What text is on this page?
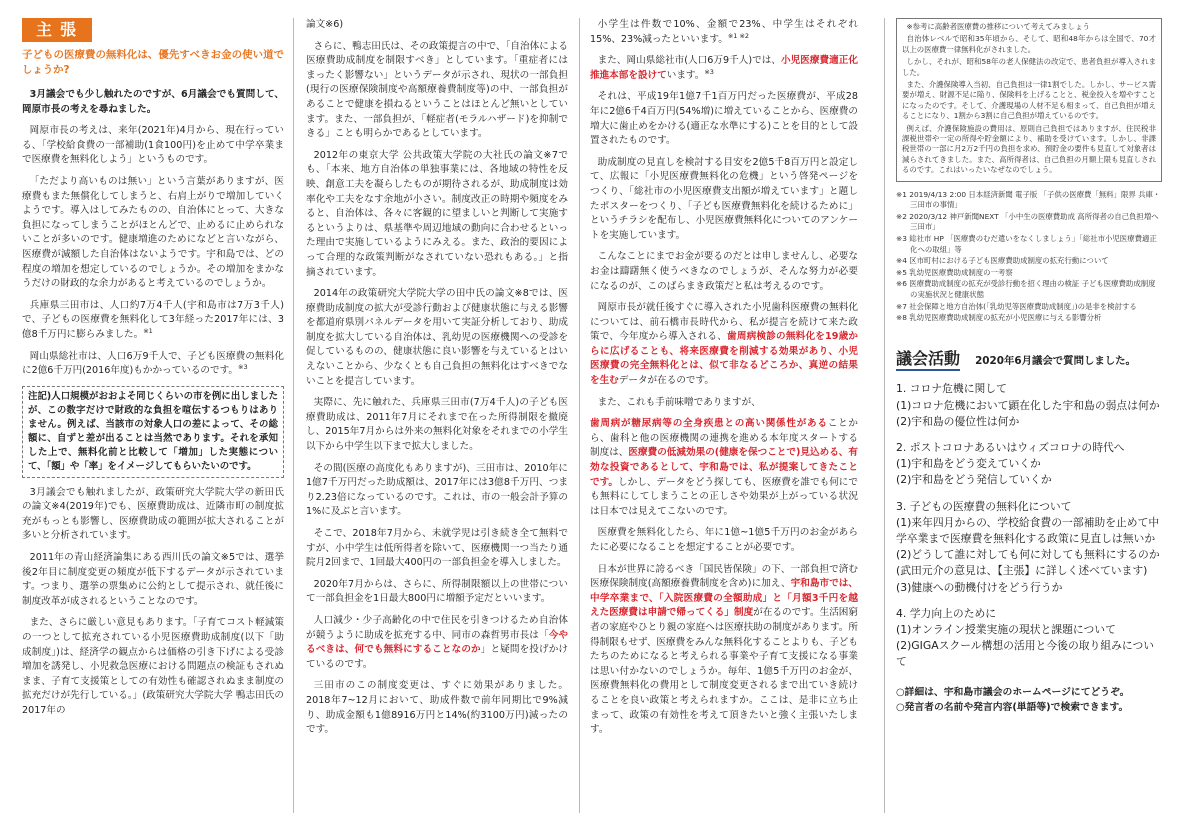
主張

子どもの医療費の無料化は、優先すべきお金の使い道でしょうか?

3月議会でも少し触れたのですが、6月議会でも質問して、岡原市長の考えを尋ねました。

岡原市長の考えは、来年(2021年)4月から、現在行っている、「学校給食費の一部補助(1食100円)を止めて中学卒業まで医療費を無料化しよう」というものです。

「ただより高いものは無い」という言葉がありますが、医療費もまた無償化してしまうと、右肩上がりで増加していくようです。導入はしてみたものの、自治体にとって、大きな負担になってしまうことがほとんどで、止めるに止められないことが多いのです。健康増進のためになどと言いながら、医療費が減額した自治体はないようです。宇和島では、どの程度の増加を想定しているのでしょうか。その増加をまかなうだけの財政的な余力があると考えているのでしょうか。

兵庫県三田市は、人口約7万4千人(宇和島市は7万3千人)で、子どもの医療費を無料化して3年経った2017年には、3億8千万円に膨らみました。$^{※1}$

岡山県総社市は、人口6万9千人で、子ども医療費の無料化に2億6千万円(2016年度)もかかっているのです。$^{※3}$

注記)人口規模がおおよそ同じくらいの市を例に出しましたが、この数字だけで財政的な負担を喧伝するつもりはありません。例えば、当該市の対象人口の差によって、その総額に、自ずと差が出ることは当然であります。それを承知した上で、無料化前と比較して「増加」した実態について、「額」や「率」をイメージしてもらいたいのです。

3月議会でも触れましたが、政策研究大学院大学の新田氏の論文※4(2019年)でも、医療費助成は、近隣市町の制度拡充がもっとも影響し、医療費助成の範囲が拡大されることが多いと分析されています。

2011年の青山経済論集にある西川氏の論文※5では、選挙後2年目に制度変更の頻度が低下するデータが示されています。つまり、選挙の票集めに公約として提示され、就任後に制度改革が成されるということなのです。

また、さらに厳しい意見もあります。「子育てコスト軽減策の一つとして拡充されている小児医療費助成制度(以下「助成制度」)は、経済学の観点からは価格の引き下げによる受診増加を誘発し、小児救急医療における問題点の検証もされぬまま、子育て支援策としての有効性も確認されぬまま制度の拡充だけが先行している。」(政策研究大学院大学 鴨志田氏の2017年の

論文※6)

さらに、鴨志田氏は、その政策提言の中で、「自治体による医療費助成制度を制限すべき」としています。「重症者にはまったく影響ない」というデータが示され、現状の一部負担(現行の医療保険制度や高額療養費制度等)の中、一部負担があることで健康を損ねるということはほとんど無いとしています。また、一部負担が、「軽症者(モラルハザード)を抑制できる」ことも明らかであるとしています。

2012年の東京大学 公共政策大学院の大社氏の論文※7でも、「本来、地方自治体の単独事業には、各地域の特性を反映、創意工夫を凝らしたものが期待されるが、助成制度は効率化や工夫をなす余地が小さい。制度改正の時期や頻度をみると、自治体は、各々に客観的に望ましいと判断して実施するというよりは、県基準や周辺地域の動向に合わせるといった理由で実施しているようにみえる。また、政治的要因によって合理的な政策判断がなされていない恐れもある。」と指摘されています。

2014年の政策研究大学院大学の田中氏の論文※8では、医療費助成制度の拡大が受診行動および健康状態に与える影響を都道府県別パネルデータを用いて実証分析しており、助成制度を拡大している自治体は、乳幼児の医療機関への受診を促しているものの、健康状態に良い影響を与えているとはいえないことから、少なくとも自己負担の無料化はすべきでないことを提言しています。

実際に、先に触れた、兵庫県三田市(7万4千人)の子ども医療費助成は、2011年7月にそれまで在った所得制限を撤廃し、2015年7月からは外来の無料化対象をそれまでの小学生以下から中学生以下まで拡大しました。

その間(医療の高度化もありますが)、三田市は、2010年に1億7千万円だった助成額は、2017年には3億8千万円、つまり2.23倍になっているのです。これは、市の一般会計予算の1%に及ぶと言います。

そこで、2018年7月から、未就学児は引き続き全て無料ですが、小中学生は低所得者を除いて、医療機関一つ当たり通院月2回まで、1回最大400円の一部負担金を導入しました。

2020年7月からは、さらに、所得制限額以上の世帯について一部負担金を1日最大800円に増額予定だといいます。

人口減少・少子高齢化の中で住民を引きつけるため自治体が競うように助成を拡充する中、同市の森哲男市長は「今やるべきは、何でも無料にすることなのか」と疑問を投げかけているのです。

三田市のこの制度変更は、すぐに効果がありました。2018年7~12月において、助成件数で前年同期比で9%減り、助成金額も1億8916万円と14%(約3100万円)減ったのです。

小学生は件数で10%、金額で23%、中学生はそれぞれ15%、23%減ったといいます。$^{※1 ※2}$

また、岡山県総社市(人口6万9千人)では、小児医療費適正化推進本部を設けています。$^{※3}$

それは、平成19年1億7千1百万円だった医療費が、平成28年に2億6千4百万円(54%増)に増えていることから、医療費の増大に歯止めをかける(適正な水準にする)ことを目的として設置されたものです。

助成制度の見直しを検討する目安を2億5千8百万円と設定して、広報に「小児医療費無料化の危機」という啓発ページをつくり、「総社市の小児医療費支出額が増えています」と題したポスターをつくり、「子ども医療費無料化を続けるために」というチラシを配布し、小児医療費無料化についてのアンケートを実施しています。

こんなことにまでお金が要るのだとは申しませんし、必要なお金は躊躇無く使うべきなのでしょうが、そんな努力が必要になるのが、このばらまき政策だと私は考えるのです。

岡原市長が就任後すぐに導入された小児歯科医療費の無料化については、前石橋市長時代から、私が提言を続けて来た政策で、今年度から導入される、歯周病検診の無料化を19歳からに広げることも、将来医療費を削減する効果があり、小児医療費の完全無料化とは、似て非なるどころか、真逆の結果を生むデータが在るのです。

また、これも手前味噌でありますが、

歯周病が糖尿病等の全身疾患との高い関係性があることから、歯科と他の医療機関の連携を進める本年度スタートする制度は、医療費の低減効果の(健康を保つことで)見込める、有効な投資であるとして、宇和島では、私が提案してきたことです。しかし、データをどう探しても、医療費を誰でも何にでも無料にしてしまうことの正しさや効果が上がっている状況は日本では見えてこないのです。

医療費を無料化したら、年に1億~1億5千万円のお金があらたに必要になることを想定することが必要です。

日本が世界に誇るべき「国民皆保険」の下、一部負担で済む医療保険制度(高額療養費制度を含め)に加え、宇和島市では、中学卒業まで、「入院医療費の全額助成」と「月額3千円を越えた医療費は申請で帰ってくる」制度が在るのです。生活困窮者の家庭やひとり親の家庭へは医療扶助の制度があります。所得制限もせず、医療費をみんな無料化することよりも、子どもたちのためになると考えられる事業や子育て支援になる事業は思い付かないのでしょうか。毎年、1億5千万円のお金が、医療費無料化の費用として制度変更されるまで出ていき続けることを良い政策と考えられますか。ここは、是非に立ち止まって、政策の有効性を考えて頂きたいと強く主張いたします。

※参考に高齢者医療費の推移について考えてみましょう

自治体レベルで昭和35年頃から、そして、昭和48年からは全国で、70才以上の医療費一律無料化がされました。

しかし、それが、昭和58年の老人保健法の改定で、患者負担が導入されました。

また、介護保険導入当初、自己負担は一律1割でした。しかし、サービス需要が増え、財源不足に陥り、保険料を上げることと、税金投入を増やすことになったのです。そして、介護現場の人材不足も相まって、自己負担が増えることになり、1割から3割に自己負担が増えているのです。

例えば、介護保険施設の費用は、原則自己負担ではありますが、住民税非課税世帯や一定の所得や貯金額により、補助を受けています。しかし、非課税世帯の一部に月2万2千円の負担を求め、預貯金の要件も見直して対象者は減らされてきました。また、高所得者は、自己負担の月額上限も見直しされるのです。これはいったいなぜなのでしょう。

※1 2019/4/13 2:00 日本経済新聞 電子版 「子供の医療費「無料」限界 兵庫・三田市の事情」
※2 2020/3/12 神戸新聞NEXT 「小中生の医療費助成 高所得者の自己負担増へ 三田市」
※3 総社市 HP 「医療費のむだ遣いをなくしましょう」「総社市小児医療費適正化への取組」等
※4 区市町村における子ども医療費助成制度の拡充行動について
※5 乳幼児医療費助成制度の一考察
※6 医療費助成制度の拡充が受診行動を招く理由の検証 子ども医療費助成制度の実施状況と健康状態
※7 社会保障と地方自治体(「乳幼児等医療費助成制度」)の是非を検討する
※8 乳幼児医療費助成制度の拡充が小児医療に与える影響分析
議会活動 2020年6月議会で質問しました。
1. コロナ危機に関して
(1)コロナ危機において顕在化した宇和島の弱点は何か
(2)宇和島の優位性は何か
2. ポストコロナあるいはウィズコロナの時代へ
(1)宇和島をどう変えていくか
(2)宇和島をどう発信していくか
3. 子どもの医療費の無料化について
(1)来年四月からの、学校給食費の一部補助を止めて中学卒業まで医療費を無料化する政策に見直しは無いか
(2)どうして誰に対しても何に対しても無料にするのか
(武田元介の意見は、【主張】に詳しく述べています)
(3)健康への動機付けをどう行うか
4. 学力向上のために
(1)オンライン授業実施の現状と課題について
(2)GIGAスクール構想の活用と今後の取り組みについて
○詳細は、宇和島市議会のホームページにてどうぞ。
○発言者の名前や発言内容(単語等)で検索できます。
